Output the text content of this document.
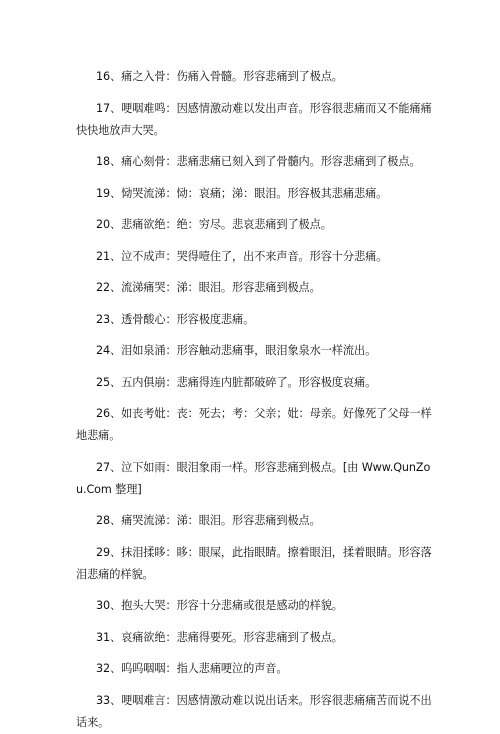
16、痛之入骨：伤痛入骨髓。形容悲痛到了极点。
17、哽咽难鸣：因感情激动难以发出声音。形容很悲痛而又不能痛痛快快地放声大哭。
18、痛心刻骨：悲痛悲痛已刻入到了骨髓内。形容悲痛到了极点。
19、恸哭流涕：恸：哀痛；涕：眼泪。形容极其悲痛悲痛。
20、悲痛欲绝：绝：穷尽。悲哀悲痛到了极点。
21、泣不成声：哭得噎住了，出不来声音。形容十分悲痛。
22、流涕痛哭：涕：眼泪。形容悲痛到极点。
23、透骨酸心：形容极度悲痛。
24、泪如泉涌：形容触动悲痛事，眼泪象泉水一样流出。
25、五内俱崩：悲痛得连内脏都破碎了。形容极度哀痛。
26、如丧考妣：丧：死去；考：父亲；妣：母亲。好像死了父母一样地悲痛。
27、泣下如雨：眼泪象雨一样。形容悲痛到极点。[由 Www.QunZou.Com 整理]
28、痛哭流涕：涕：眼泪。形容悲痛到极点。
29、抹泪揉眵：眵：眼屎，此指眼睛。擦着眼泪，揉着眼睛。形容落泪悲痛的样貌。
30、抱头大哭：形容十分悲痛或很是感动的样貌。
31、哀痛欲绝：悲痛得要死。形容悲痛到了极点。
32、呜呜咽咽：指人悲痛哽泣的声音。
33、哽咽难言：因感情激动难以说出话来。形容很悲痛痛苦而说不出话来。
